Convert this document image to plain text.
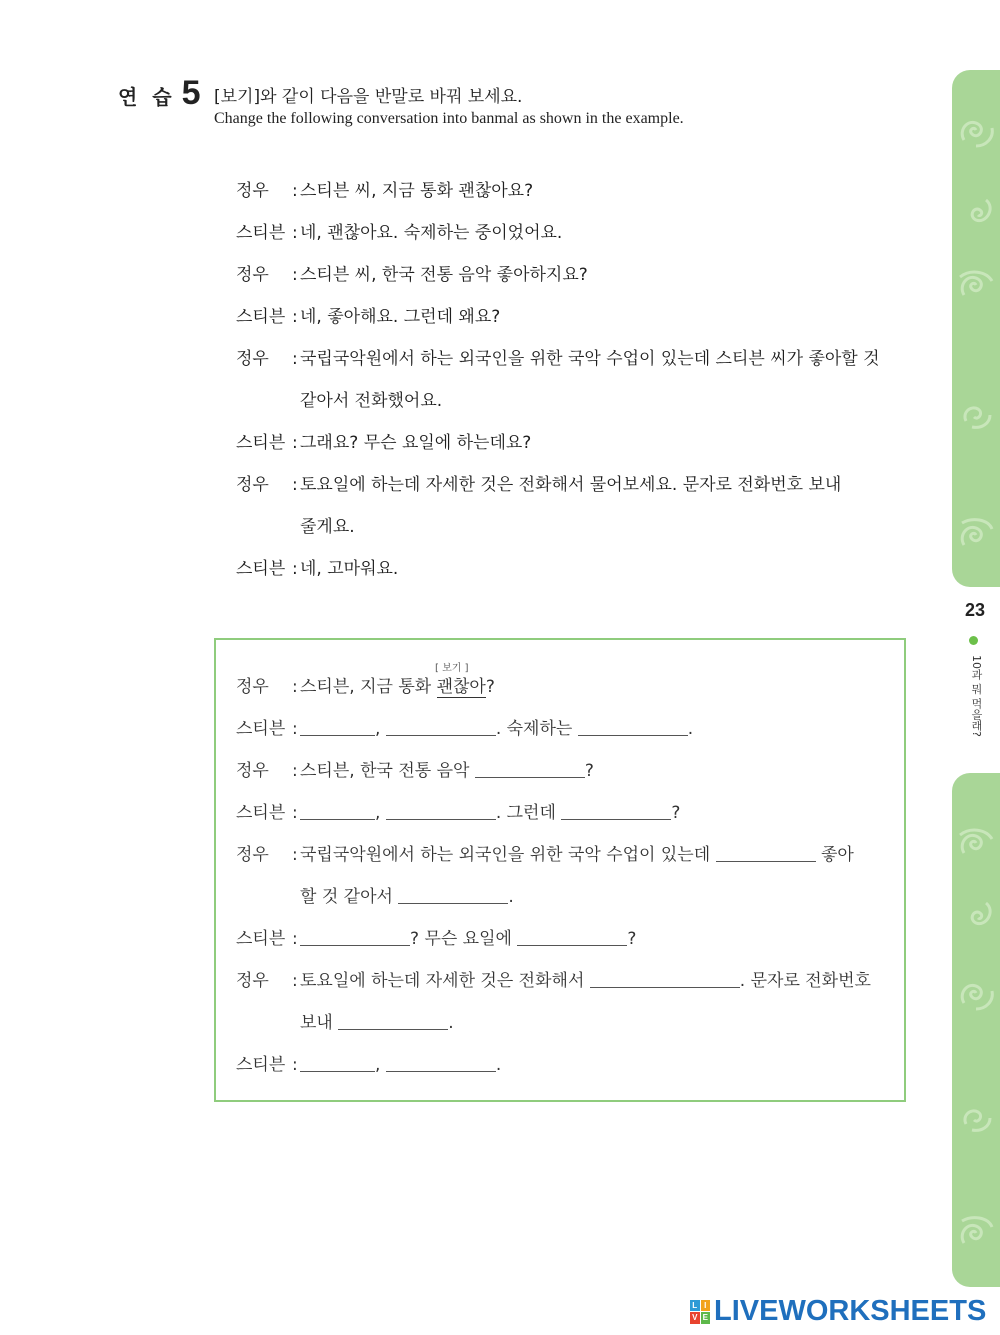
연 습 5 [보기]와 같이 다음을 반말로 바꿔 보세요.
Change the following conversation into banmal as shown in the example.
정우	: 스티븐 씨, 지금 통화 괜찮아요?
스티븐 : 네, 괜찮아요. 숙제하는 중이었어요.
정우	: 스티븐 씨, 한국 전통 음악 좋아하지요?
스티븐 : 네, 좋아해요. 그런데 왜요?
정우	: 국립국악원에서 하는 외국인을 위한 국악 수업이 있는데 스티븐 씨가 좋아할 것
같아서 전화했어요.
스티븐 : 그래요? 무슨 요일에 하는데요?
정우	: 토요일에 하는데 자세한 것은 전화해서 물어보세요. 문자로 전화번호 보내
줄게요.
스티븐 : 네, 고마워요.
[ 보기 ]
정우	: 스티븐, 지금 통화 괜찮아?
스티븐 :	,	. 숙제하는	.
정우	: 스티븐, 한국 전통 음악	?
스티븐 :	,	. 그런데	?
정우	: 국립국악원에서 하는 외국인을 위한 국악 수업이 있는데	좋아
할 것 같아서	.
스티븐 :	? 무슨 요일에	?
정우	: 토요일에 하는데 자세한 것은 전화해서	. 문자로 전화번호
보내	.
스티븐 :	,	.
23
10과 뭐 먹을래?
L I
V E LIVEWORKSHEETS
